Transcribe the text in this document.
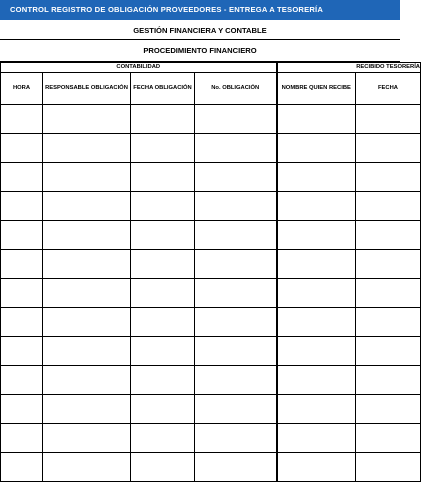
CONTROL REGISTRO DE OBLIGACIÓN PROVEEDORES - ENTREGA A TESORERÍA
GESTIÓN FINANCIERA Y CONTABLE
PROCEDIMIENTO FINANCIERO
CONTABILIDAD				RECIBIDO TESORERÍA	
HORA	RESPONSABLE OBLIGACIÓN	FECHA OBLIGACIÓN	No. OBLIGACIÓN	NOMBRE QUIEN RECIBE	FECHA
